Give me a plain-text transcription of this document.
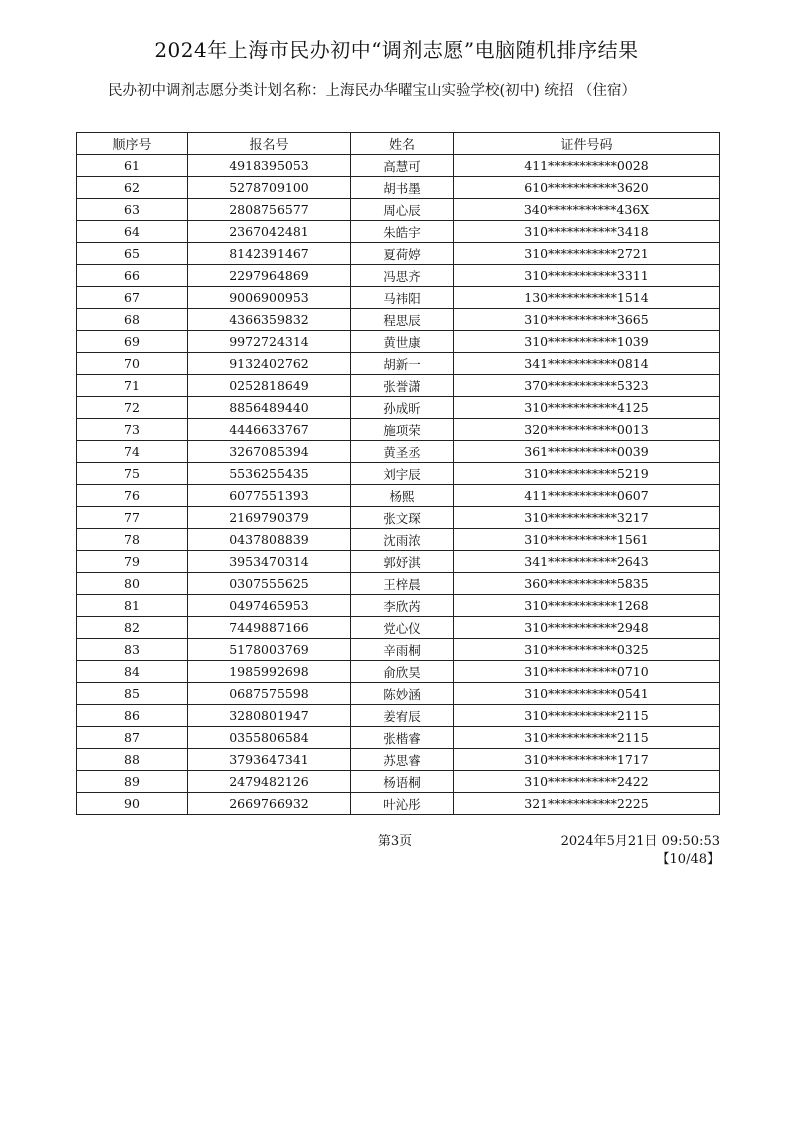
2024年上海市民办初中“调剂志愿”电脑随机排序结果
民办初中调剂志愿分类计划名称：上海民办华曜宝山实验学校(初中) 统招 （住宿）
顺序号	报名号	姓名	证件号码
61	4918395053	高慧可	411***********0028
62	5278709100	胡书墨	610***********3620
63	2808756577	周心辰	340***********436X
64	2367042481	朱皓宇	310***********3418
65	8142391467	夏荷婷	310***********2721
66	2297964869	冯思齐	310***********3311
67	9006900953	马祎阳	130***********1514
68	4366359832	程思辰	310***********3665
69	9972724314	黄世康	310***********1039
70	9132402762	胡新一	341***********0814
71	0252818649	张誉潇	370***********5323
72	8856489440	孙成昕	310***********4125
73	4446633767	施项荣	320***********0013
74	3267085394	黄圣丞	361***********0039
75	5536255435	刘宇辰	310***********5219
76	6077551393	杨熙	411***********0607
77	2169790379	张文琛	310***********3217
78	0437808839	沈雨浓	310***********1561
79	3953470314	郭妤淇	341***********2643
80	0307555625	王梓晨	360***********5835
81	0497465953	李欣芮	310***********1268
82	7449887166	党心仪	310***********2948
83	5178003769	辛雨桐	310***********0325
84	1985992698	俞欣昊	310***********0710
85	0687575598	陈妙涵	310***********0541
86	3280801947	姜宥辰	310***********2115
87	0355806584	张楷睿	310***********2115
88	3793647341	苏思睿	310***********1717
89	2479482126	杨语桐	310***********2422
90	2669766932	叶沁彤	321***********2225
第3页	2024年5月21日 09:50:53
【10/48】
